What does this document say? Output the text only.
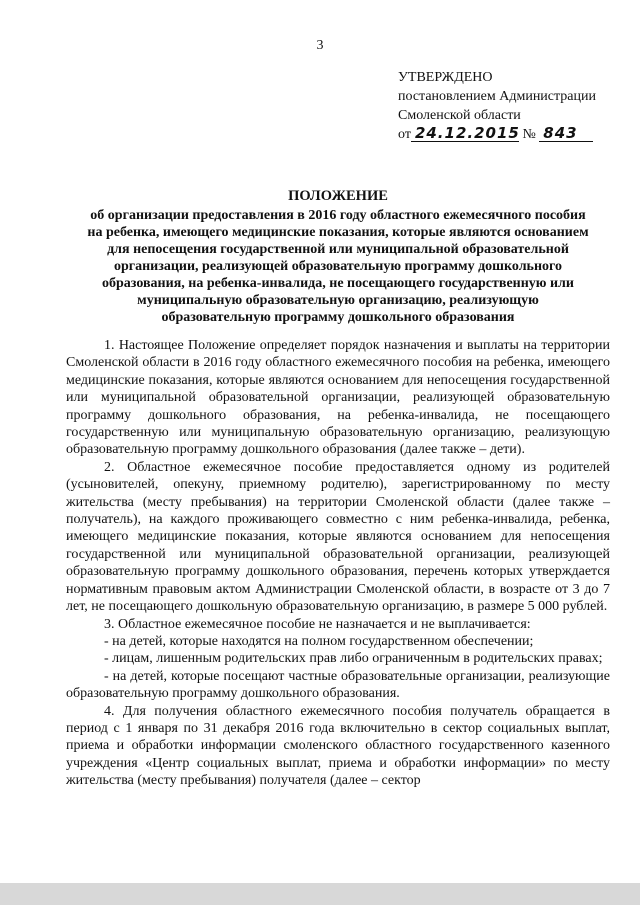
3
УТВЕРЖДЕНО
постановлением Администрации
Смоленской области
от 24.12.2015 № 843
ПОЛОЖЕНИЕ
об организации предоставления в 2016 году областного ежемесячного пособия
на ребенка, имеющего медицинские показания, которые являются основанием
для непосещения государственной или муниципальной образовательной
организации, реализующей образовательную программу дошкольного
образования, на ребенка-инвалида, не посещающего государственную или
муниципальную образовательную организацию, реализующую
образовательную программу дошкольного образования

1. Настоящее Положение определяет порядок назначения и выплаты на территории Смоленской области в 2016 году областного ежемесячного пособия на ребенка, имеющего медицинские показания, которые являются основанием для непосещения государственной или муниципальной образовательной организации, реализующей образовательную программу дошкольного образования, на ребенка-инвалида, не посещающего государственную или муниципальную образовательную организацию, реализующую образовательную программу дошкольного образования (далее также – дети).

2. Областное ежемесячное пособие предоставляется одному из родителей (усыновителей, опекуну, приемному родителю), зарегистрированному по месту жительства (месту пребывания) на территории Смоленской области (далее также – получатель), на каждого проживающего совместно с ним ребенка-инвалида, ребенка, имеющего медицинские показания, которые являются основанием для непосещения государственной или муниципальной образовательной организации, реализующей образовательную программу дошкольного образования, перечень которых утверждается нормативным правовым актом Администрации Смоленской области, в возрасте от 3 до 7 лет, не посещающего дошкольную образовательную организацию, в размере 5 000 рублей.

3. Областное ежемесячное пособие не назначается и не выплачивается:

- на детей, которые находятся на полном государственном обеспечении;

- лицам, лишенным родительских прав либо ограниченным в родительских правах;

- на детей, которые посещают частные образовательные организации, реализующие образовательную программу дошкольного образования.

4. Для получения областного ежемесячного пособия получатель обращается в период с 1 января по 31 декабря 2016 года включительно в сектор социальных выплат, приема и обработки информации смоленского областного государственного казенного учреждения «Центр социальных выплат, приема и обработки информации» по месту жительства (месту пребывания) получателя (далее – сектор
